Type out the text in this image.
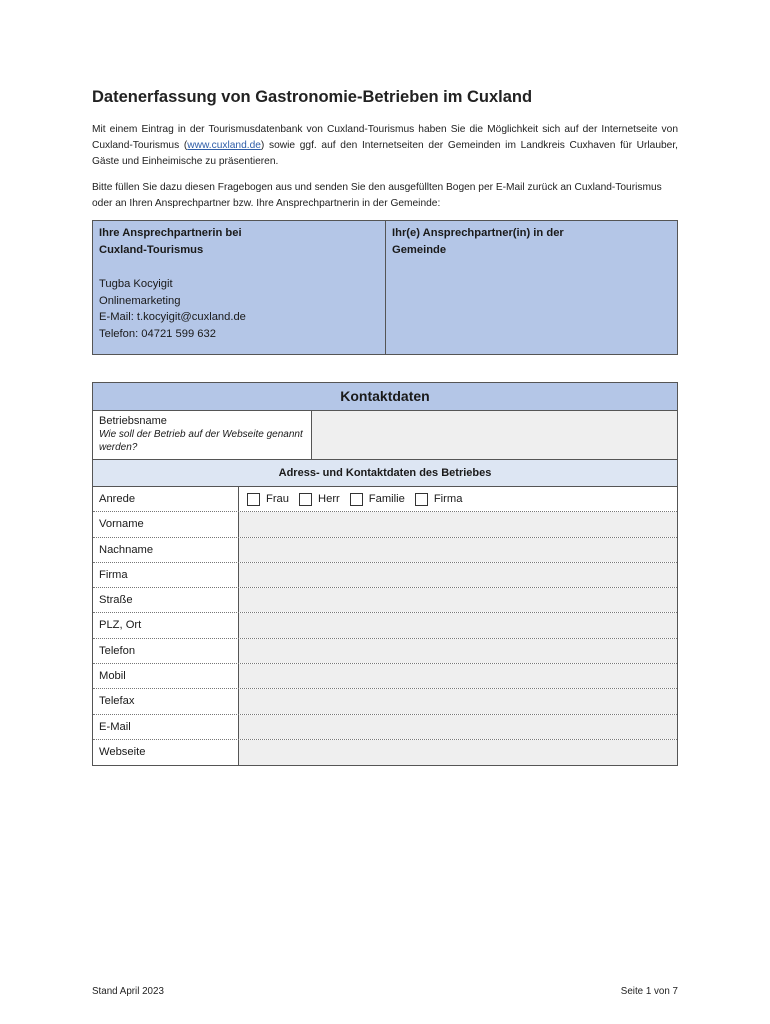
Datenerfassung von Gastronomie-Betrieben im Cuxland
Mit einem Eintrag in der Tourismusdatenbank von Cuxland-Tourismus haben Sie die Möglichkeit sich auf der Internetseite von Cuxland-Tourismus (www.cuxland.de) sowie ggf. auf den Internetseiten der Gemeinden im Landkreis Cuxhaven für Urlauber, Gäste und Einheimische zu präsentieren.
Bitte füllen Sie dazu diesen Fragebogen aus und senden Sie den ausgefüllten Bogen per E-Mail zurück an Cuxland-Tourismus oder an Ihren Ansprechpartner bzw. Ihre Ansprechpartnerin in der Gemeinde:
Ihre Ansprechpartnerin bei
Cuxland-Tourismus
Tugba Kocyigit
Onlinemarketing
E-Mail: t.kocyigit@cuxland.de
Telefon: 04721 599 632
Ihr(e) Ansprechpartner(in) in der
Gemeinde
Kontaktdaten
Betriebsname
Wie soll der Betrieb auf der Webseite genannt werden?
Adress- und Kontaktdaten des Betriebes
Anrede	Frau	Herr	Familie	Firma
Vorname
Nachname
Firma
Straße
PLZ, Ort
Telefon
Mobil
Telefax
E-Mail
Webseite
Stand April 2023	Seite 1 von 7
